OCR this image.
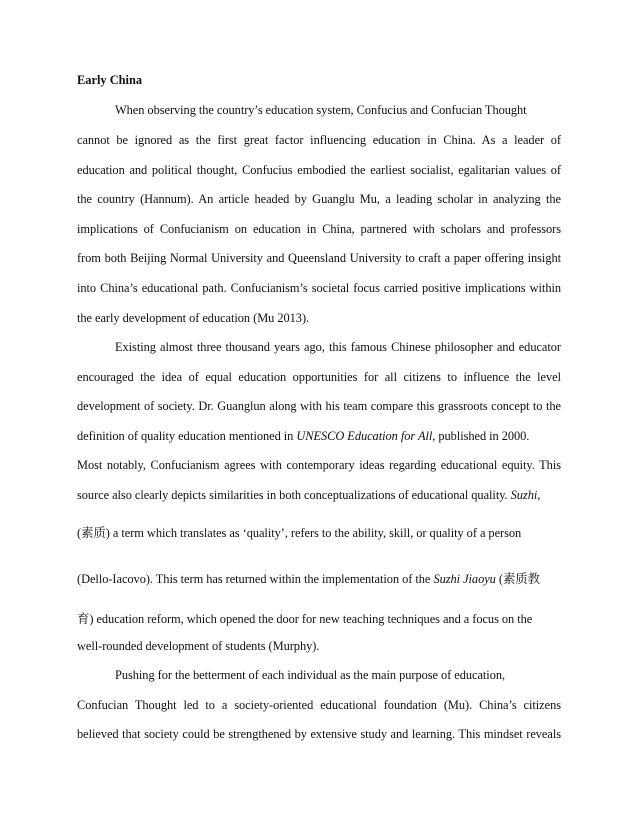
Early China

When observing the country’s education system, Confucius and Confucian Thought

cannot be ignored as the first great factor influencing education in China. As a leader of

education and political thought, Confucius embodied the earliest socialist, egalitarian values of

the country (Hannum). An article headed by Guanglu Mu, a leading scholar in analyzing the

implications of Confucianism on education in China, partnered with scholars and professors

from both Beijing Normal University and Queensland University to craft a paper offering insight

into China’s educational path. Confucianism’s societal focus carried positive implications within

the early development of education (Mu 2013).

Existing almost three thousand years ago, this famous Chinese philosopher and educator

encouraged the idea of equal education opportunities for all citizens to influence the level

development of society. Dr. Guanglun along with his team compare this grassroots concept to the

definition of quality education mentioned in UNESCO Education for All, published in 2000.

Most notably, Confucianism agrees with contemporary ideas regarding educational equity. This

source also clearly depicts similarities in both conceptualizations of educational quality. Suzhi,

(素质) a term which translates as ‘quality’, refers to the ability, skill, or quality of a person

(Dello-Iacovo). This term has returned within the implementation of the Suzhi Jiaoyu (素质教

育) education reform, which opened the door for new teaching techniques and a focus on the

well-rounded development of students (Murphy).

Pushing for the betterment of each individual as the main purpose of education,

Confucian Thought led to a society-oriented educational foundation (Mu). China’s citizens

believed that society could be strengthened by extensive study and learning. This mindset reveals
